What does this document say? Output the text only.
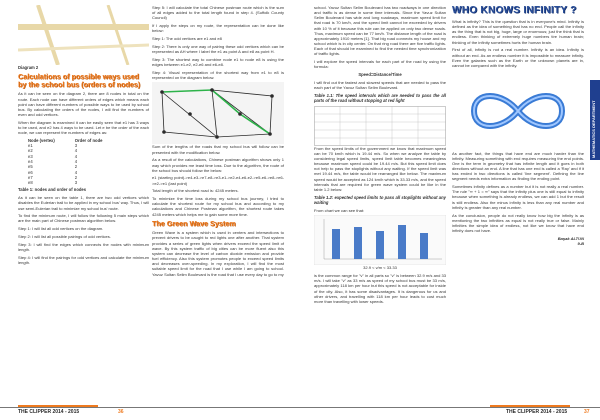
Diagram 2

Calculations of possible ways used by the school bus (orders of nodes)

As it can be seen on the diagram 2, there are 8 nodes in total on the route. Each node can have different orders of edges which means each point can have different numbers of possible ways to be used by school bus. By calculating the orders of the nodes, I will find the numbers of even and odd vertices.

When the diagram is examined it can be easily seen that e1 has 3 ways to be used, and e2 has 4 ways to be used. Let e be the order of the each node, we can represent the numbers of edges as:

Node (vertex)	Order of node
e1	3
e2	4
e3	4
e4	4
e5	2
e6	4
e7	2
e8	3

Table 1: nodes and order of nodes

As it can be seen on the table 1, there are two odd vertices which disables the Eulerian trail to be applied in my school bus' way. Thus, I will use semi-Eulerian trail to minimize my school bus' route.

To find the minimum route, I will follow the following 5 main steps which are the main part of Chinese postman algorithm below.

Step 1: I will list all odd vertices on the diagram.

Step 2: I will list all possible pairings of odd vertices.

Step 3: I will find the edges which connects the nodes with minimum length.

Step 4: I will find the pairings for odd vertices and calculate the minimum length.

Step 5: I will calculate the total Chinese postman route which is the sum of all edges added to the total length found in step 4. (Suffolk County Council)

If I apply the steps on my route, the representation can be done like below:

Step 1: The odd vertices are e1 and e8

Step 2: There is only one way of pairing these odd vertices which can be represented as AH where I label the e1 as point A and e8 as point H.

Step 3: The shortest way to combine node e1 to node e8 is using the edges between e1-e2, e2-e6 and e6-e8.

Step 4: Visual representation of the shortest way from e1 to e8 is represented on the diagram below.

Sum of the lengths of the roads that my school bus will follow can be presented with the modification below.

As a result of the calculations, Chinese postman algorithm shows only 1 way which provides me least time loss. Due to the algorithm, the route of the school bus should follow the below:

e1 (starting point)->e4-e3->e7-e8->e3-e1->e2-e4-e6-e2->e5-e6->e8->e6->e2->e1 (last point)

Total length of the shortest road is: 4245 meters.

To minimize the time loss during my school bus journey, I tried to calculate the shortest route for my school bus and according to my calculations and Chinese Postman algorithm, the shortest route takes 4245 meters which helps me to gain some more time.

The Green Wave System

Green Wave is a system which is used in centers and intersections to prevent drivers to be caught to red lights one after another. That system provides a series of green lights when drivers exceed the speed limit of wave. By this system traffic of big cities can be more fluent also this system can decrease the level of carbon dioxide emission and provide fuel efficiency. Also this system promotes people to exceed speed limits and decreases over-speeding. In my exploration, I will find the most suitable speed limit for the road that I use while I am going to school. Yavuz Sultan Selim Boulevard is the road that I use every day to go to my

THE CLIPPER 2014 - 2015	36

school. Yavuz Sultan Selim Boulevard has two roadways in one direction and traffic is as dense in some time intervals. Since the Yavuz Sultan Selim Boulevard has wide and long roadways, maximum speed limit for that road is 70 km/h, and the speed limit cannot be exceeded by drivers with 10 % of it because this rule can be applied on only two dense roads. Thus, maximum speed can be 77 km/h. The distance length of the road is approximately 1910 meters [1]. That big road connects my house and my school which is in city center. On that ring road there are five traffic lights. Each of that should be examined to find the needed time synchronization of traffic lights.

I will explore the speed intervals for each part of the road by using the formula:

Speed=Distance/Time

I will find out the fastest and slowest speeds that are needed to pass the each part of the Yavuz Sultan Selim Boulevard.

Table 1.1: The speed intervals which are needed to pass the all parts of the road without stopping at red light

From the speed limits of the government we know that maximum speed can be 70 km/h which is 19.44 m/s. So when we analyze the table by considering legal speed limits, speed limit table becomes meaningless because maximum speed could be 19.44 m/s. But this speed limit does not help to pass the stoplights without any waiting. If the speed limit was met 19.44 m/s, the table would be rearranged like below. The maximum speed would be accepted as 124 km/h which is 33.33 m/s, and the speed intervals that are required for green wave system could be like in the table 1.2 below:

Table 1.2: expected speed limits to pass all stoplights without any waiting

From chart we can see that:

32.9 < v/m < 33.33

is the common range for "v" in all parts so "v" is between 32.9 m/s and 33 m/s. I will take "v" as 33 m/s as speed of my school bus must be 33 m/s, approximately 118 km per hour but this speed is not acceptable for inside of the city. Also, it has some disadvantages. It is dangerous for us and other drivers, and travelling with 118 km per hour leads to cost much more than travelling with lower speeds.

WHO KNOWS INFINITY ?

What is infinity? This is the question that is in everyone's mind. Infinity is defined as the idea of something that has no end. People call the infinity as the thing that is not big, huge, large or enormous; just the think that is endless. Even thinking of extremely huge numbers tire human brain; thinking of the infinity sometimes hurts the human brain.

First of all, infinity is not a real number. Infinity is an idea. Infinity is without an end. As an endless number it is impossible to measure infinity. Even the galaxies such as the Earth or the unknown planets are in, cannot be compared with the infinity.

As another fact, the things that have end are much harder than the infinity. Measuring something with end requires measuring the end points. One is the term in geometry that has infinite length and it goes in both directions without an end. A line that has one end is called a 'Ray' and if it has ended in two directions is called 'line segment'. Defining the line segment needs extra information as finding the ending point.

Sometimes infinity defines as a number but it is not really a real number. The rule "∞ + 1 = ∞" says that the infinity plus one is still equal to infinity because when something is already endless, we can add 1 but the result is still endless. Also the minus infinity is less than any real number and infinity is greater than any real number.

As the conclusion, people do not really know how big the infinity is as mentioning the two infinities as equal is not really true or false. Mainly infinities the simple idea of endless, not like we know that have end infinity does not have.

Başak ALTUN

9-B

MATHEMATICS DEPARTMENT
THE CLIPPER 2014 - 2015	37
